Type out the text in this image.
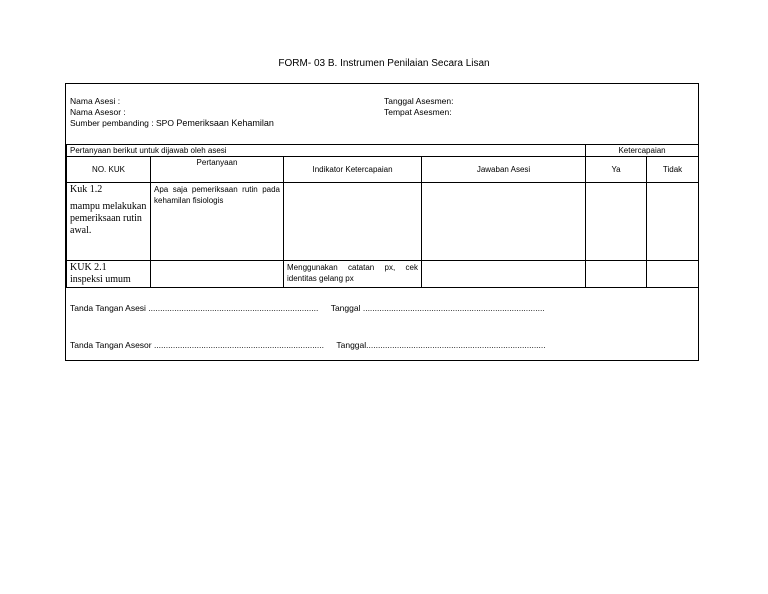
FORM- 03 B. Instrumen Penilaian Secara Lisan
Nama Asesi :
Nama Asesor :
Sumber pembanding : SPO Pemeriksaan Kehamilan
Tanggal Asesmen:
Tempat Asesmen:
Pertanyaan berikut untuk dijawab oleh asesi				Ketercapaian	
NO. KUK	Pertanyaan	Indikator Ketercapaian	Jawaban Asesi	Ya	Tidak

Kuk 1.2
mampu melakukan pemeriksaan rutin awal.	Apa saja pemeriksaan rutin pada kehamilan fisiologis				

KUK 2.1
inspeksi umum		Menggunakan catatan px, cek identitas gelang px			
Tanda Tangan Asesi ........................................................................ Tanggal .............................................................................
Tanda Tangan Asesor ........................................................................ Tanggal............................................................................
